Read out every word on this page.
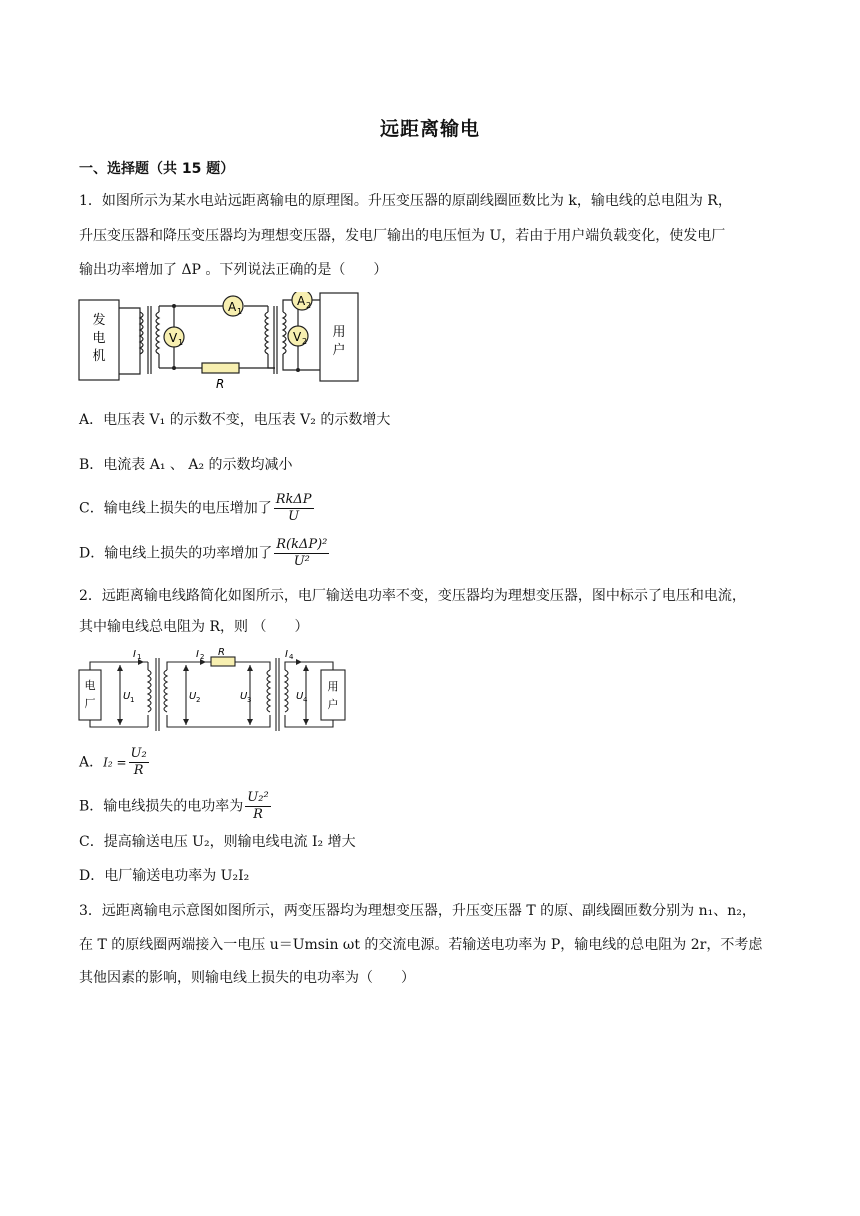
远距离输电
一、选择题（共 15 题）
1．如图所示为某水电站远距离输电的原理图。升压变压器的原副线圈匝数比为 k，输电线的总电阻为 R，
升压变压器和降压变压器均为理想变压器，发电厂输出的电压恒为 U，若由于用户端负载变化，使发电厂
输出功率增加了 ΔP 。下列说法正确的是（　　）
发
电
机
用
户
V 1
A 1
V 2
A 2
R
A．电压表 V₁ 的示数不变，电压表 V₂ 的示数增大
B．电流表 A₁ 、 A₂ 的示数均减小
C．输电线上损失的电压增加了 $\frac{\text{RkΔP}}{U}$
D．输电线上损失的功率增加了 $\frac{\text{R(kΔP)²}}{\text{U²}}$
2．远距离输电线路简化如图所示，电厂输送电功率不变，变压器均为理想变压器，图中标示了电压和电流，
其中输电线总电阻为 R，则 （　　）
电
厂
用
户
I 1	I 2 R	I 4
U 1	U 2	U 3	U 4
A．$I_2 = \frac{\text{U₂}}{R}$
B．输电线损失的电功率为 $\frac{\text{U₂²}}{R}$
C．提高输送电压 U₂，则输电线电流 I₂ 增大
D．电厂输送电功率为 U₂I₂
3．远距离输电示意图如图所示，两变压器均为理想变压器，升压变压器 T 的原、副线圈匝数分别为 n₁、n₂，
在 T 的原线圈两端接入一电压 u＝Umsin ωt 的交流电源。若输送电功率为 P，输电线的总电阻为 2r，不考虑
其他因素的影响，则输电线上损失的电功率为（　　）
